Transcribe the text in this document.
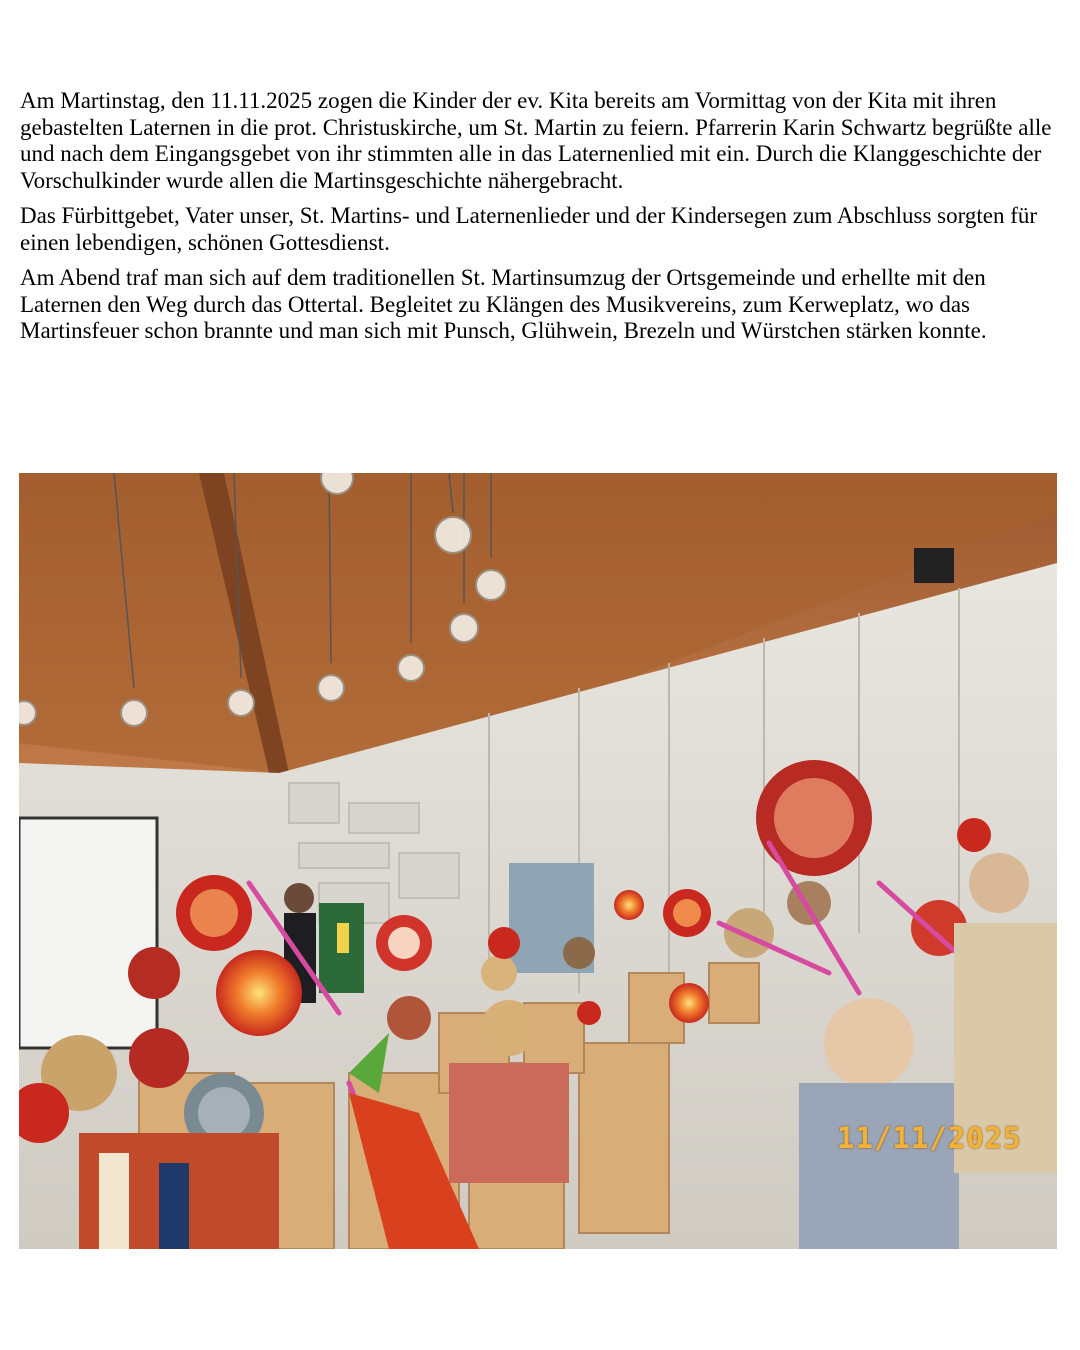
Am Martinstag, den 11.11.2025 zogen die Kinder der ev. Kita bereits am Vormittag von der Kita mit ihren gebastelten Laternen in die prot. Christuskirche, um St. Martin zu feiern. Pfarrerin Karin Schwartz begrüßte alle und nach dem Eingangsgebet von ihr stimmten alle in das Laternenlied mit ein. Durch die Klanggeschichte der Vorschulkinder wurde allen die Martinsgeschichte nähergebracht.

Das Fürbittgebet, Vater unser, St. Martins- und Laternenlieder und der Kindersegen zum Abschluss sorgten für einen lebendigen, schönen Gottesdienst.

Am Abend traf man sich auf dem traditionellen St. Martinsumzug der Ortsgemeinde und erhellte mit den Laternen den Weg durch das Ottertal. Begleitet zu Klängen des Musikvereins, zum Kerweplatz, wo das Martinsfeuer schon brannte und man sich mit Punsch, Glühwein, Brezeln und Würstchen stärken konnte.

11/11/2025
